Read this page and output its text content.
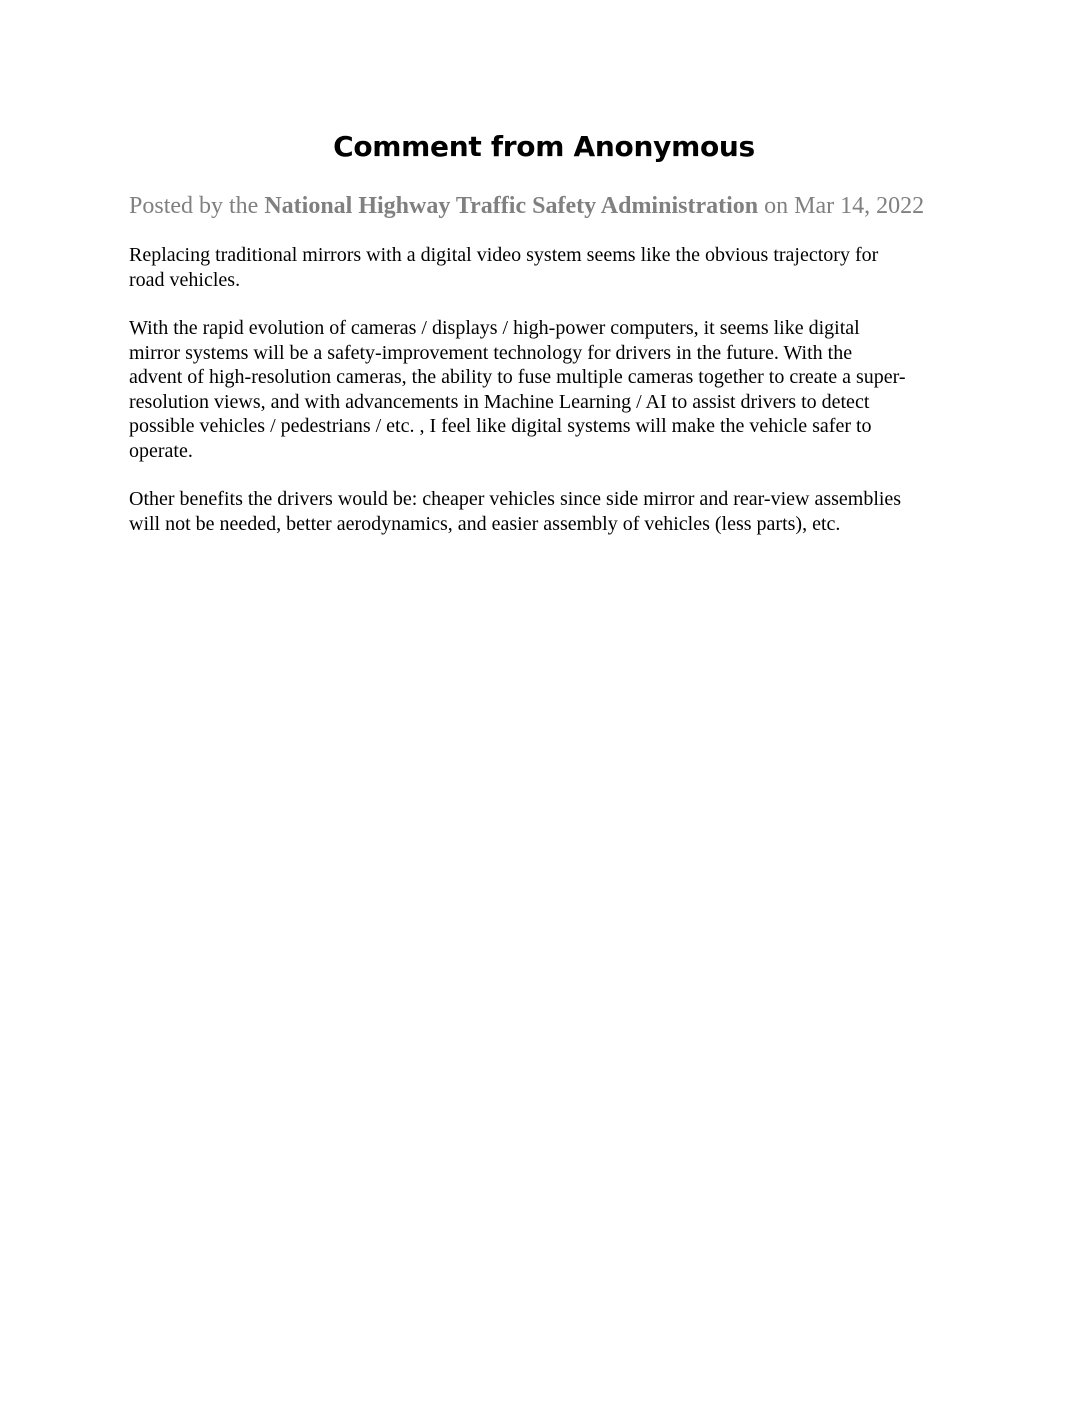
Comment from Anonymous
Posted by the National Highway Traffic Safety Administration on Mar 14, 2022

Replacing traditional mirrors with a digital video system seems like the obvious trajectory for
road vehicles.

With the rapid evolution of cameras / displays / high-power computers, it seems like digital
mirror systems will be a safety-improvement technology for drivers in the future. With the
advent of high-resolution cameras, the ability to fuse multiple cameras together to create a super-
resolution views, and with advancements in Machine Learning / AI to assist drivers to detect
possible vehicles / pedestrians / etc. , I feel like digital systems will make the vehicle safer to
operate.

Other benefits the drivers would be: cheaper vehicles since side mirror and rear-view assemblies
will not be needed, better aerodynamics, and easier assembly of vehicles (less parts), etc.
